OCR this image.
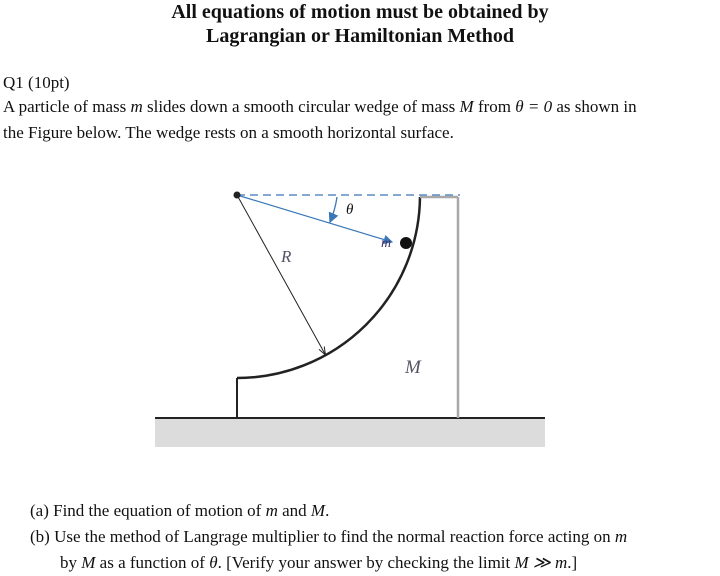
All equations of motion must be obtained by
Lagrangian or Hamiltonian Method
Q1 (10pt)
A particle of mass m slides down a smooth circular wedge of mass M from θ = 0 as shown in
the Figure below. The wedge rests on a smooth horizontal surface.
θ
R
m
M
(a) Find the equation of motion of m and M.
(b) Use the method of Langrage multiplier to find the normal reaction force acting on m
by M as a function of θ. [Verify your answer by checking the limit M ≫ m.]
